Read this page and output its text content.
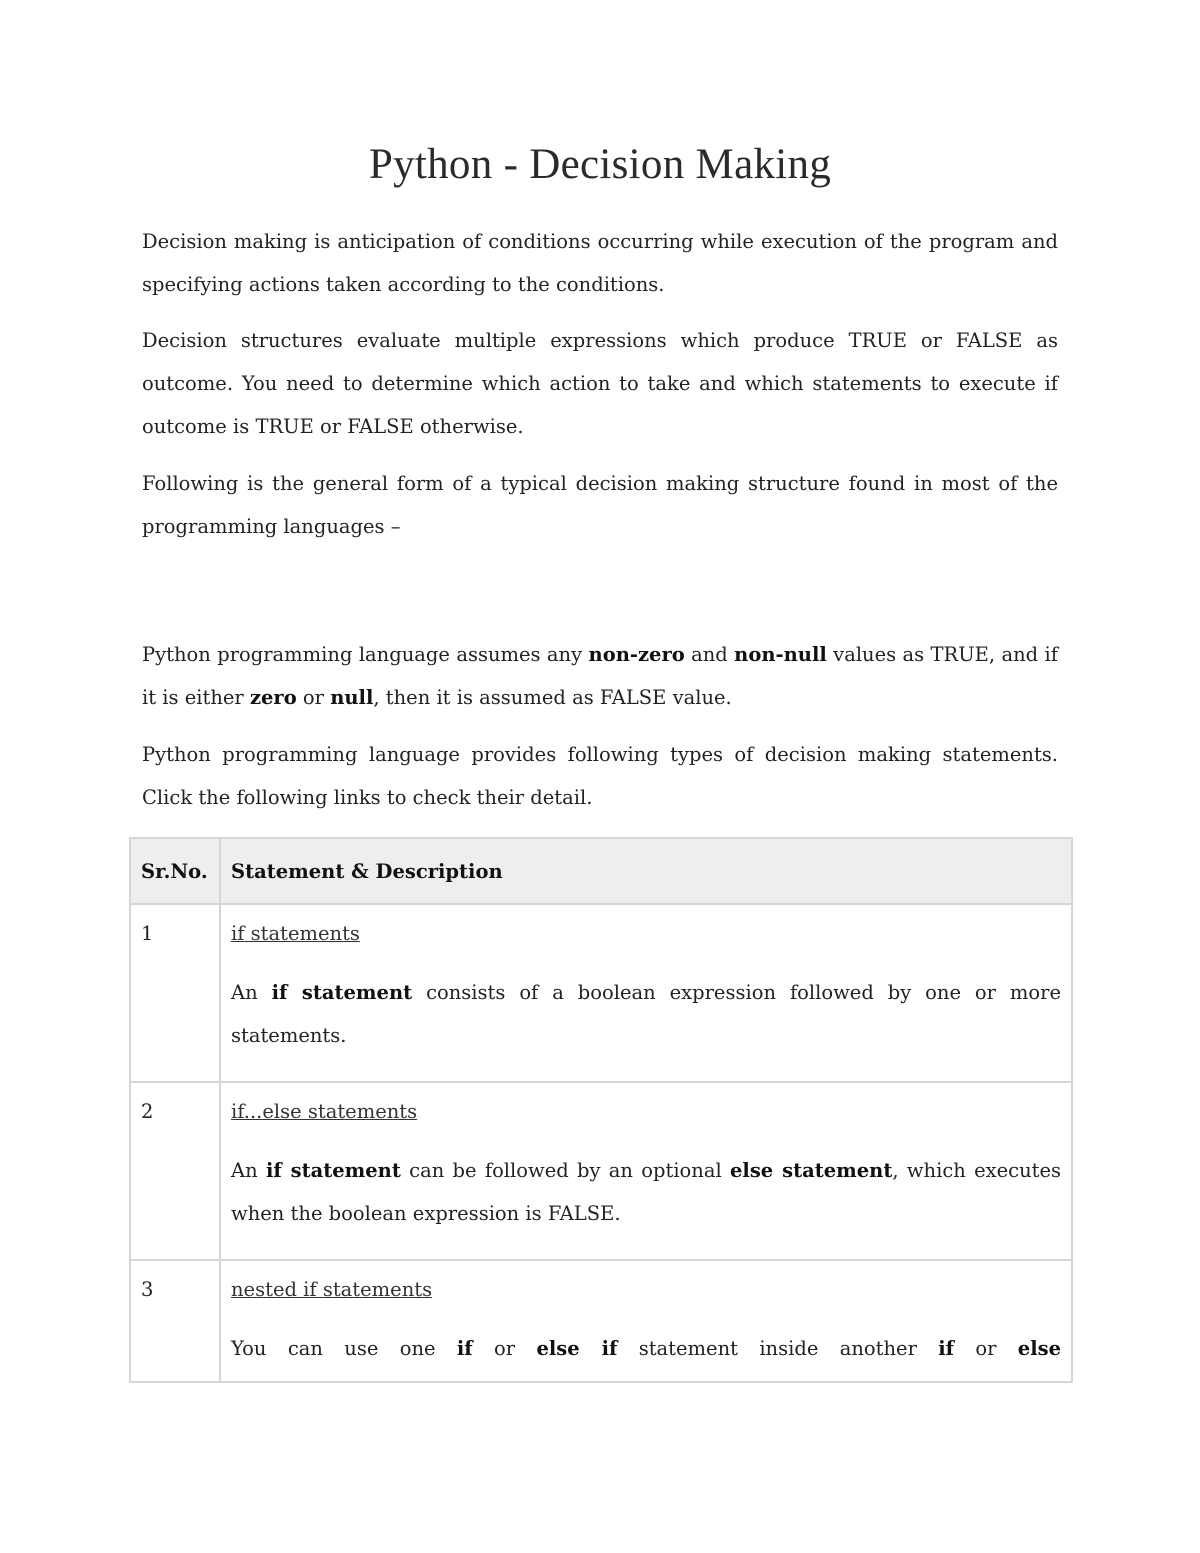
Python - Decision Making

Decision making is anticipation of conditions occurring while execution of the program and specifying actions taken according to the conditions.

Decision structures evaluate multiple expressions which produce TRUE or FALSE as outcome. You need to determine which action to take and which statements to execute if outcome is TRUE or FALSE otherwise.

Following is the general form of a typical decision making structure found in most of the programming languages –

Python programming language assumes any non-zero and non-null values as TRUE, and if it is either zero or null, then it is assumed as FALSE value.

Python programming language provides following types of decision making statements. Click the following links to check their detail.

Sr.No.	Statement & Description
1	if statements

An if statement consists of a boolean expression followed by one or more statements.

2	if...else statements

An if statement can be followed by an optional else statement, which executes when the boolean expression is FALSE.

3	nested if statements

You can use one if or else if statement inside another if or else
